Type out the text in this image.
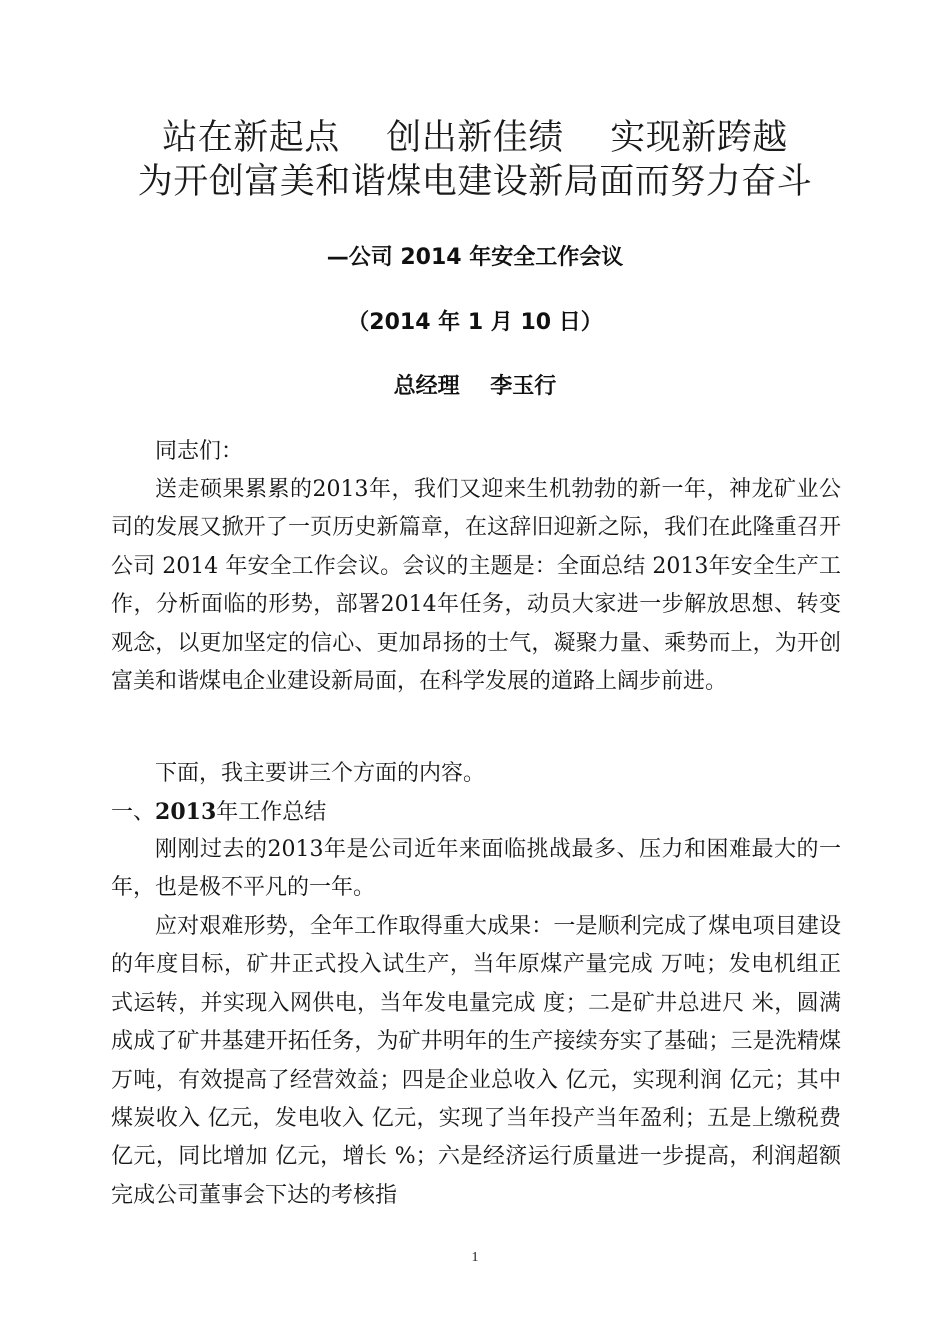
站在新起点    创出新佳绩    实现新跨越
为开创富美和谐煤电建设新局面而努力奋斗
—公司 2014 年安全工作会议
（2014 年 1 月 10 日）
总经理    李玉行
同志们：
送走硕果累累的2013年，我们又迎来生机勃勃的新一年，神龙矿业公司的发展又掀开了一页历史新篇章，在这辞旧迎新之际，我们在此隆重召开公司 2014 年安全工作会议。会议的主题是：全面总结 2013年安全生产工作，分析面临的形势，部署2014年任务，动员大家进一步解放思想、转变观念，以更加坚定的信心、更加昂扬的士气，凝聚力量、乘势而上，为开创富美和谐煤电企业建设新局面，在科学发展的道路上阔步前进。
下面，我主要讲三个方面的内容。
一、2013年工作总结
刚刚过去的2013年是公司近年来面临挑战最多、压力和困难最大的一年，也是极不平凡的一年。
应对艰难形势，全年工作取得重大成果：一是顺利完成了煤电项目建设的年度目标，矿井正式投入试生产，当年原煤产量完成 万吨；发电机组正式运转，并实现入网供电，当年发电量完成 度；二是矿井总进尺 米，圆满成成了矿井基建开拓任务，为矿井明年的生产接续夯实了基础；三是洗精煤 万吨，有效提高了经营效益；四是企业总收入 亿元，实现利润 亿元；其中煤炭收入 亿元，发电收入 亿元，实现了当年投产当年盈利；五是上缴税费 亿元，同比增加 亿元，增长 %；六是经济运行质量进一步提高，利润超额完成公司董事会下达的考核指
1
